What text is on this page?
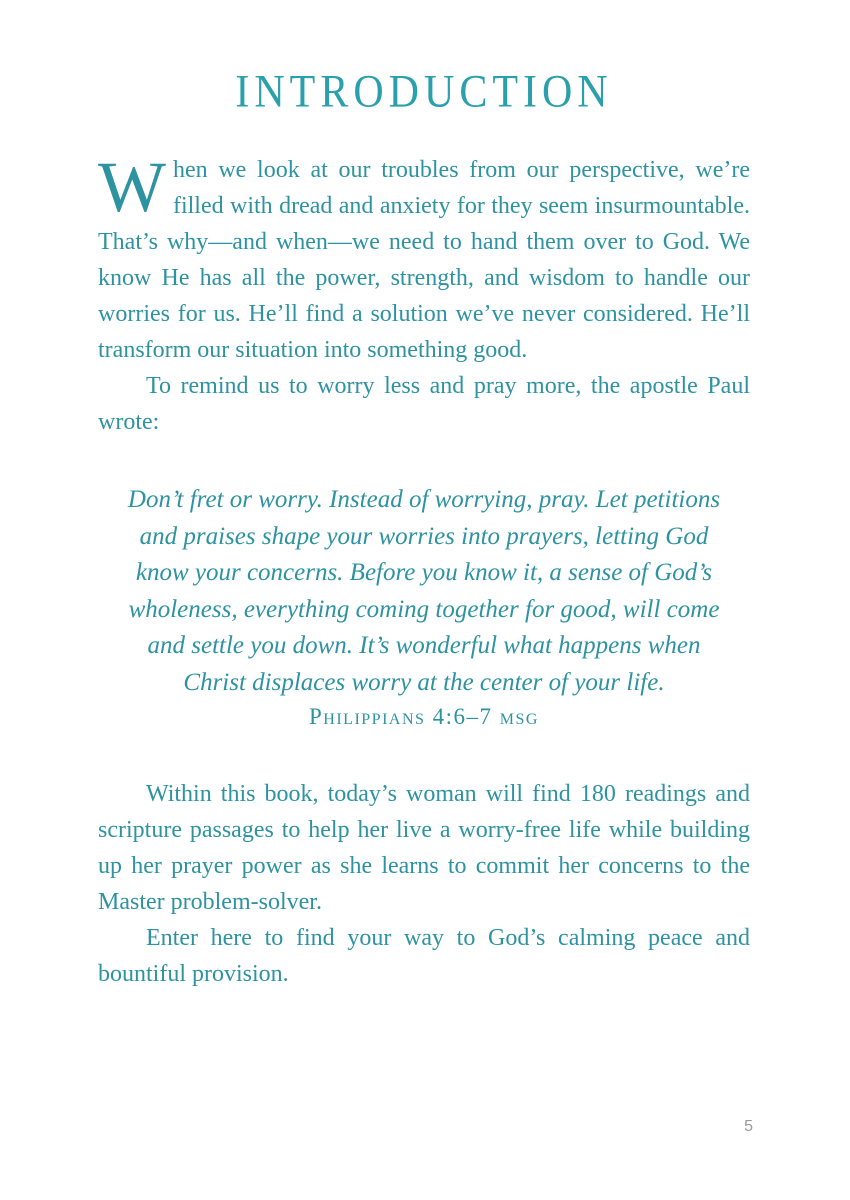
INTRODUCTION

When we look at our troubles from our perspective, we’re filled with dread and anxiety for they seem insurmountable. That’s why—and when—we need to hand them over to God. We know He has all the power, strength, and wisdom to handle our worries for us. He’ll find a solution we’ve never considered. He’ll transform our situation into something good.

To remind us to worry less and pray more, the apostle Paul wrote:

Don’t fret or worry. Instead of worrying, pray. Let petitions
and praises shape your worries into prayers, letting God
know your concerns. Before you know it, a sense of God’s
wholeness, everything coming together for good, will come
and settle you down. It’s wonderful what happens when
Christ displaces worry at the center of your life.
Philippians 4:6–7 msg

Within this book, today’s woman will find 180 readings and scripture passages to help her live a worry-free life while building up her prayer power as she learns to commit her concerns to the Master problem-solver.

Enter here to find your way to God’s calming peace and bountiful provision.

5
